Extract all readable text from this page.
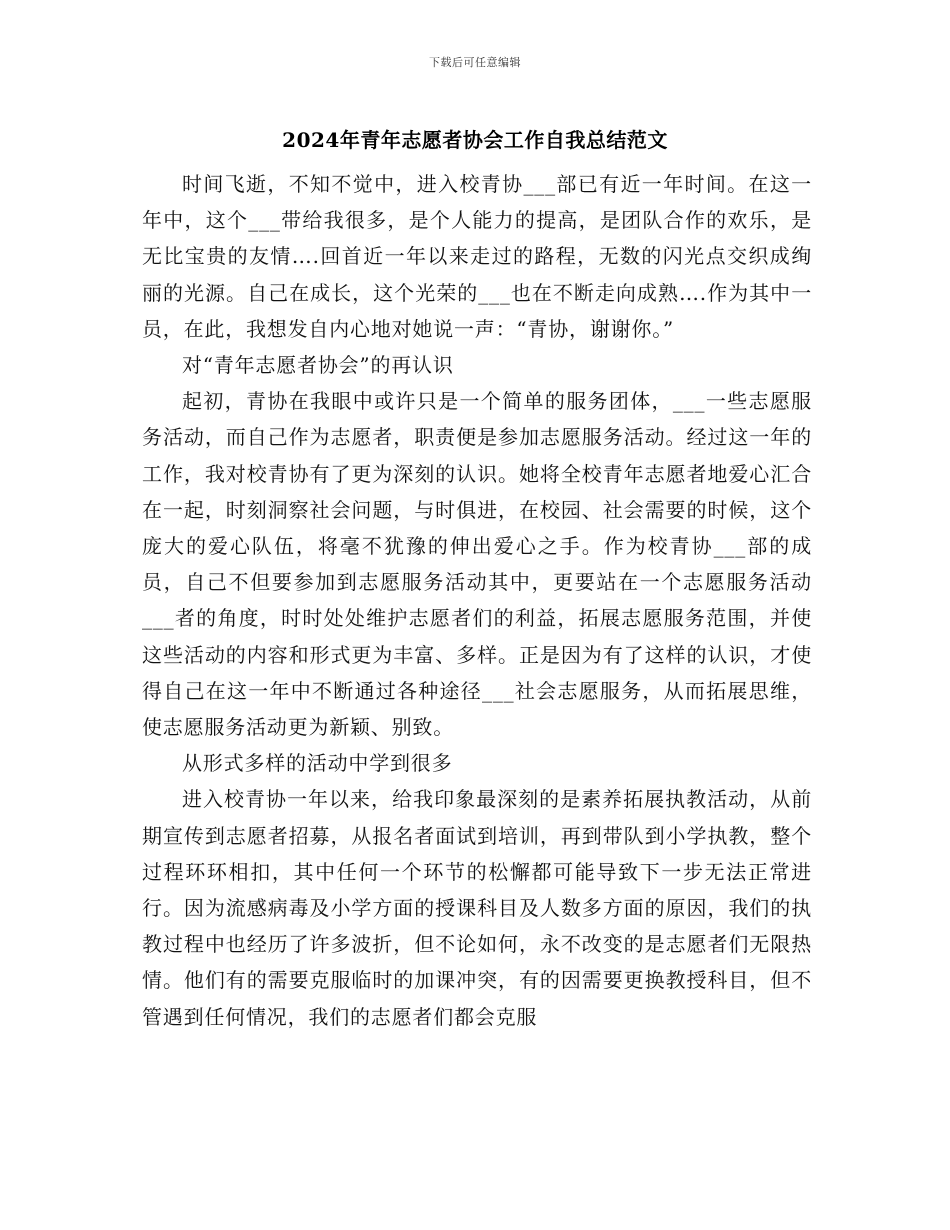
下载后可任意编辑
2024年青年志愿者协会工作自我总结范文

时间飞逝，不知不觉中，进入校青协___部已有近一年时间。在这一年中，这个___带给我很多，是个人能力的提高，是团队合作的欢乐，是无比宝贵的友情….回首近一年以来走过的路程，无数的闪光点交织成绚丽的光源。自己在成长，这个光荣的___也在不断走向成熟….作为其中一员，在此，我想发自内心地对她说一声：“青协，谢谢你。”

对“青年志愿者协会”的再认识

起初，青协在我眼中或许只是一个简单的服务团体，___一些志愿服务活动，而自己作为志愿者，职责便是参加志愿服务活动。经过这一年的工作，我对校青协有了更为深刻的认识。她将全校青年志愿者地爱心汇合在一起，时刻洞察社会问题，与时俱进，在校园、社会需要的时候，这个庞大的爱心队伍，将毫不犹豫的伸出爱心之手。作为校青协___部的成员，自己不但要参加到志愿服务活动其中，更要站在一个志愿服务活动___者的角度，时时处处维护志愿者们的利益，拓展志愿服务范围，并使这些活动的内容和形式更为丰富、多样。正是因为有了这样的认识，才使得自己在这一年中不断通过各种途径___社会志愿服务，从而拓展思维，使志愿服务活动更为新颖、别致。

从形式多样的活动中学到很多

进入校青协一年以来，给我印象最深刻的是素养拓展执教活动，从前期宣传到志愿者招募，从报名者面试到培训，再到带队到小学执教，整个过程环环相扣，其中任何一个环节的松懈都可能导致下一步无法正常进行。因为流感病毒及小学方面的授课科目及人数多方面的原因，我们的执教过程中也经历了许多波折，但不论如何，永不改变的是志愿者们无限热情。他们有的需要克服临时的加课冲突，有的因需要更换教授科目，但不管遇到任何情况，我们的志愿者们都会克服
